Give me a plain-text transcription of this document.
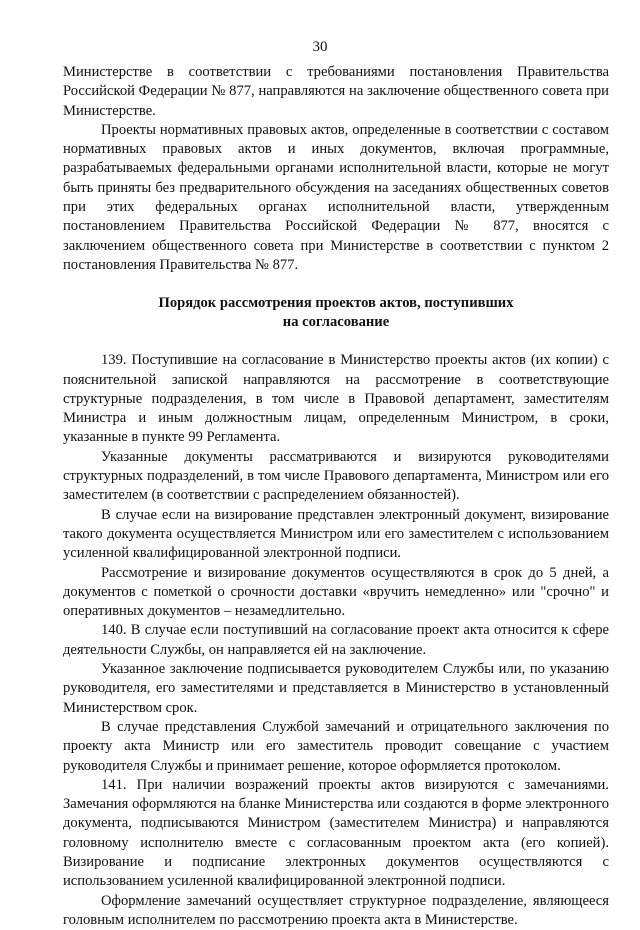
30

Министерстве в соответствии с требованиями постановления Правительства Российской Федерации № 877, направляются на заключение общественного совета при Министерстве.

Проекты нормативных правовых актов, определенные в соответствии с составом нормативных правовых актов и иных документов, включая программные, разрабатываемых федеральными органами исполнительной власти, которые не могут быть приняты без предварительного обсуждения на заседаниях общественных советов при этих федеральных органах исполнительной власти, утвержденным постановлением Правительства Российской Федерации № 877, вносятся с заключением общественного совета при Министерстве в соответствии с пунктом 2 постановления Правительства № 877.

Порядок рассмотрения проектов актов, поступивших
на согласование

139. Поступившие на согласование в Министерство проекты актов (их копии) с пояснительной запиской направляются на рассмотрение в соответствующие структурные подразделения, в том числе в Правовой департамент, заместителям Министра и иным должностным лицам, определенным Министром, в сроки, указанные в пункте 99 Регламента.

Указанные документы рассматриваются и визируются руководителями структурных подразделений, в том числе Правового департамента, Министром или его заместителем (в соответствии с распределением обязанностей).

В случае если на визирование представлен электронный документ, визирование такого документа осуществляется Министром или его заместителем с использованием усиленной квалифицированной электронной подписи.

Рассмотрение и визирование документов осуществляются в срок до 5 дней, а документов с пометкой о срочности доставки «вручить немедленно» или "срочно" и оперативных документов – незамедлительно.

140. В случае если поступивший на согласование проект акта относится к сфере деятельности Службы, он направляется ей на заключение.

Указанное заключение подписывается руководителем Службы или, по указанию руководителя, его заместителями и представляется в Министерство в установленный Министерством срок.

В случае представления Службой замечаний и отрицательного заключения по проекту акта Министр или его заместитель проводит совещание с участием руководителя Службы и принимает решение, которое оформляется протоколом.

141. При наличии возражений проекты актов визируются с замечаниями. Замечания оформляются на бланке Министерства или создаются в форме электронного документа, подписываются Министром (заместителем Министра) и направляются головному исполнителю вместе с согласованным проектом акта (его копией). Визирование и подписание электронных документов осуществляются с использованием усиленной квалифицированной электронной подписи.

Оформление замечаний осуществляет структурное подразделение, являющееся головным исполнителем по рассмотрению проекта акта в Министерстве.
